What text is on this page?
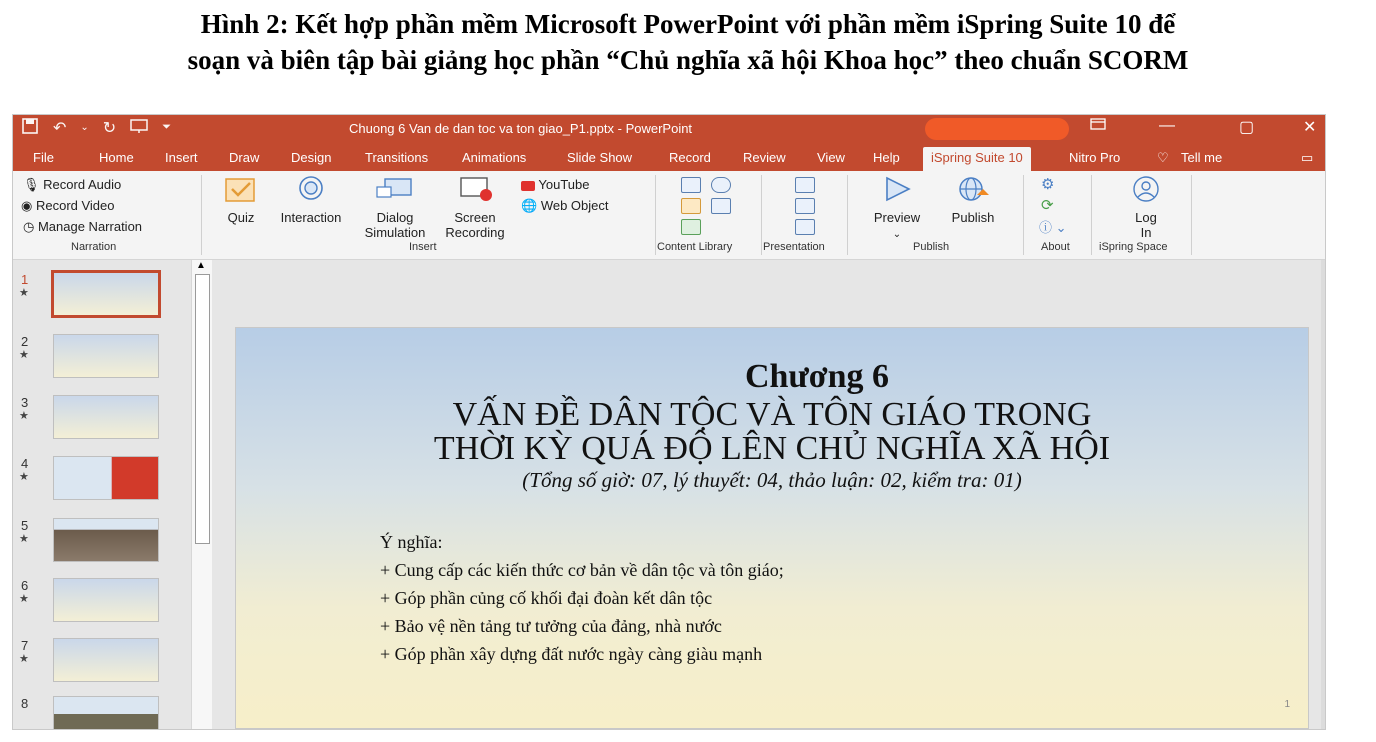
Hình 2: Kết hợp phần mềm Microsoft PowerPoint với phần mềm iSpring Suite 10 để
soạn và biên tập bài giảng học phần “Chủ nghĩa xã hội Khoa học” theo chuẩn SCORM
↶ ⌄ ↻	⏷	Chuong 6 Van de dan toc va ton giao_P1.pptx - PowerPoint	—	▢	✕
File	Home Insert Draw Design	Transitions	Animations	Slide Show	Record Review View Help	iSpring Suite 10	Nitro Pro	♡ Tell me	▭
🎙 Record Audio
◉ Record Video
◷ Manage Narration
Narration
Quiz	Interaction	Dialog
Simulation
Screen
Recording
YouTube
🌐 Web Object
Insert	Content Library	Presentation
Preview
⌄
Publish
Publish
⚙
⟳
ⓘ ⌄
About
Log
In
iSpring Space
1
★
2
★
3
★
4
★
5
★
6
★
7
★
8
▲
Chương 6
VẤN ĐỀ DÂN TỘC VÀ TÔN GIÁO TRONG
THỜI KỲ QUÁ ĐỘ LÊN CHỦ NGHĨA XÃ HỘI
(Tổng số giờ: 07, lý thuyết: 04, thảo luận: 02, kiểm tra: 01)
Ý nghĩa:
+ Cung cấp các kiến thức cơ bản về dân tộc và tôn giáo;
+ Góp phần củng cố khối đại đoàn kết dân tộc
+ Bảo vệ nền tảng tư tưởng của đảng, nhà nước
+ Góp phần xây dựng đất nước ngày càng giàu mạnh
1
